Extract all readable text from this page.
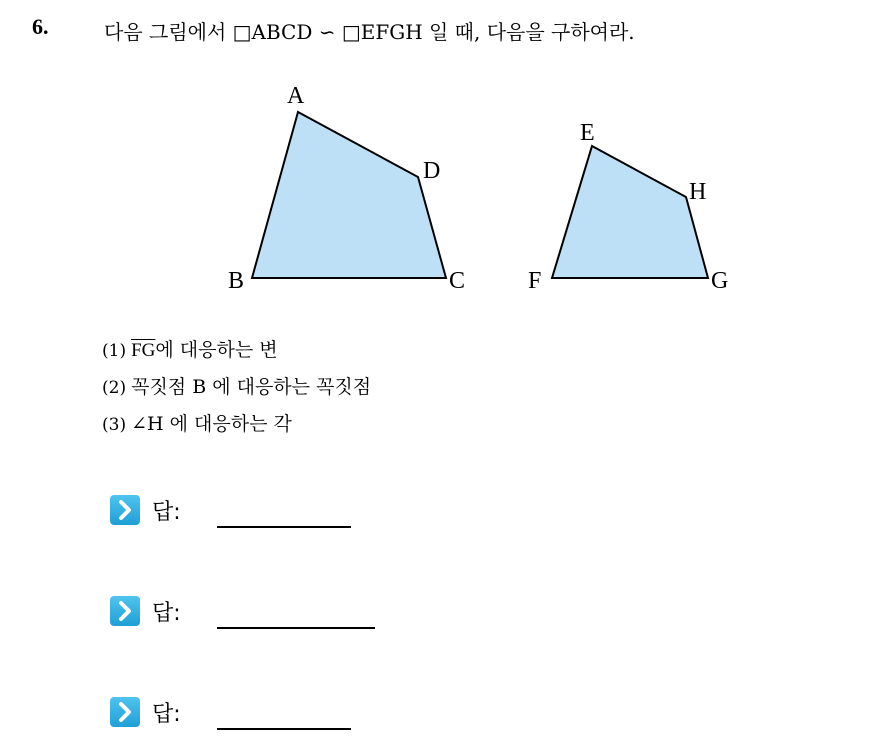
6.	다음 그림에서 □ABCD ∽ □EFGH 일 때, 다음을 구하여라.
A
B	C
D
E
F	G
H
(1) $\overline{FG}$에 대응하는 변
(2) 꼭짓점 B 에 대응하는 꼭짓점
(3) ∠H 에 대응하는 각
답:
답:
답:
